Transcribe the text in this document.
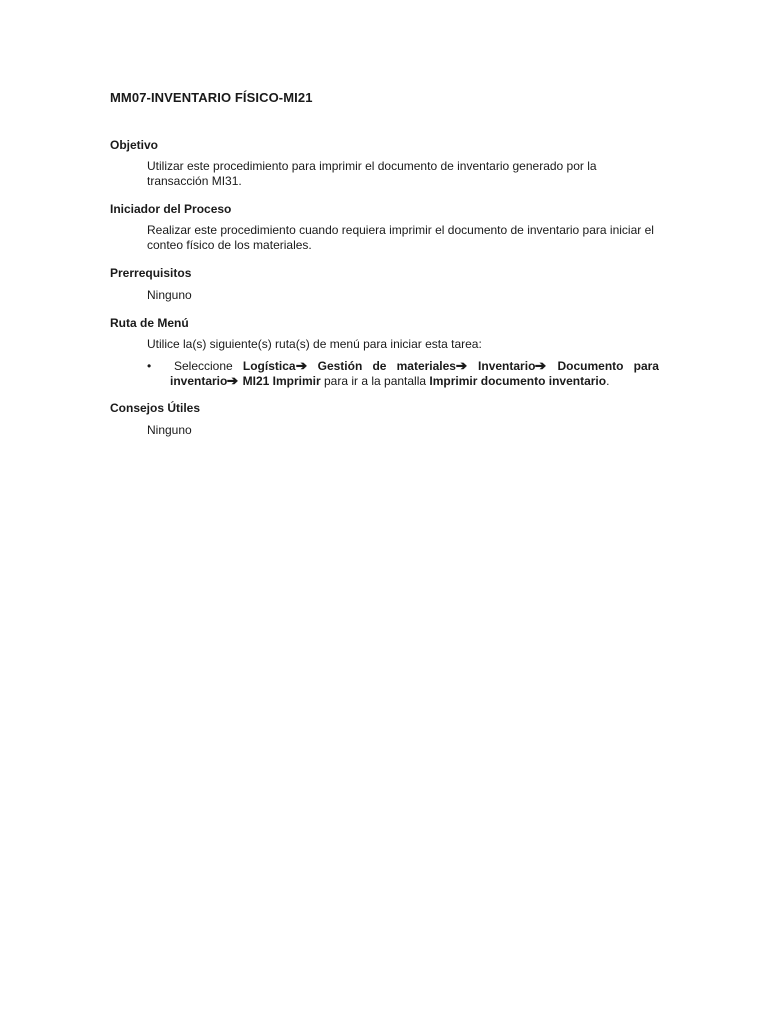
MM07-INVENTARIO FÍSICO-MI21

Objetivo

Utilizar este procedimiento para imprimir el documento de inventario generado por la transacción MI31.

Iniciador del Proceso

Realizar este procedimiento cuando requiera imprimir el documento de inventario para iniciar el conteo físico de los materiales.

Prerrequisitos

Ninguno

Ruta de Menú

Utilice la(s) siguiente(s) ruta(s) de menú para iniciar esta tarea:

•	Seleccione Logística➔ Gestión de materiales➔ Inventario➔ Documento para inventario➔ MI21 Imprimir para ir a la pantalla Imprimir documento inventario.

Consejos Útiles

Ninguno
